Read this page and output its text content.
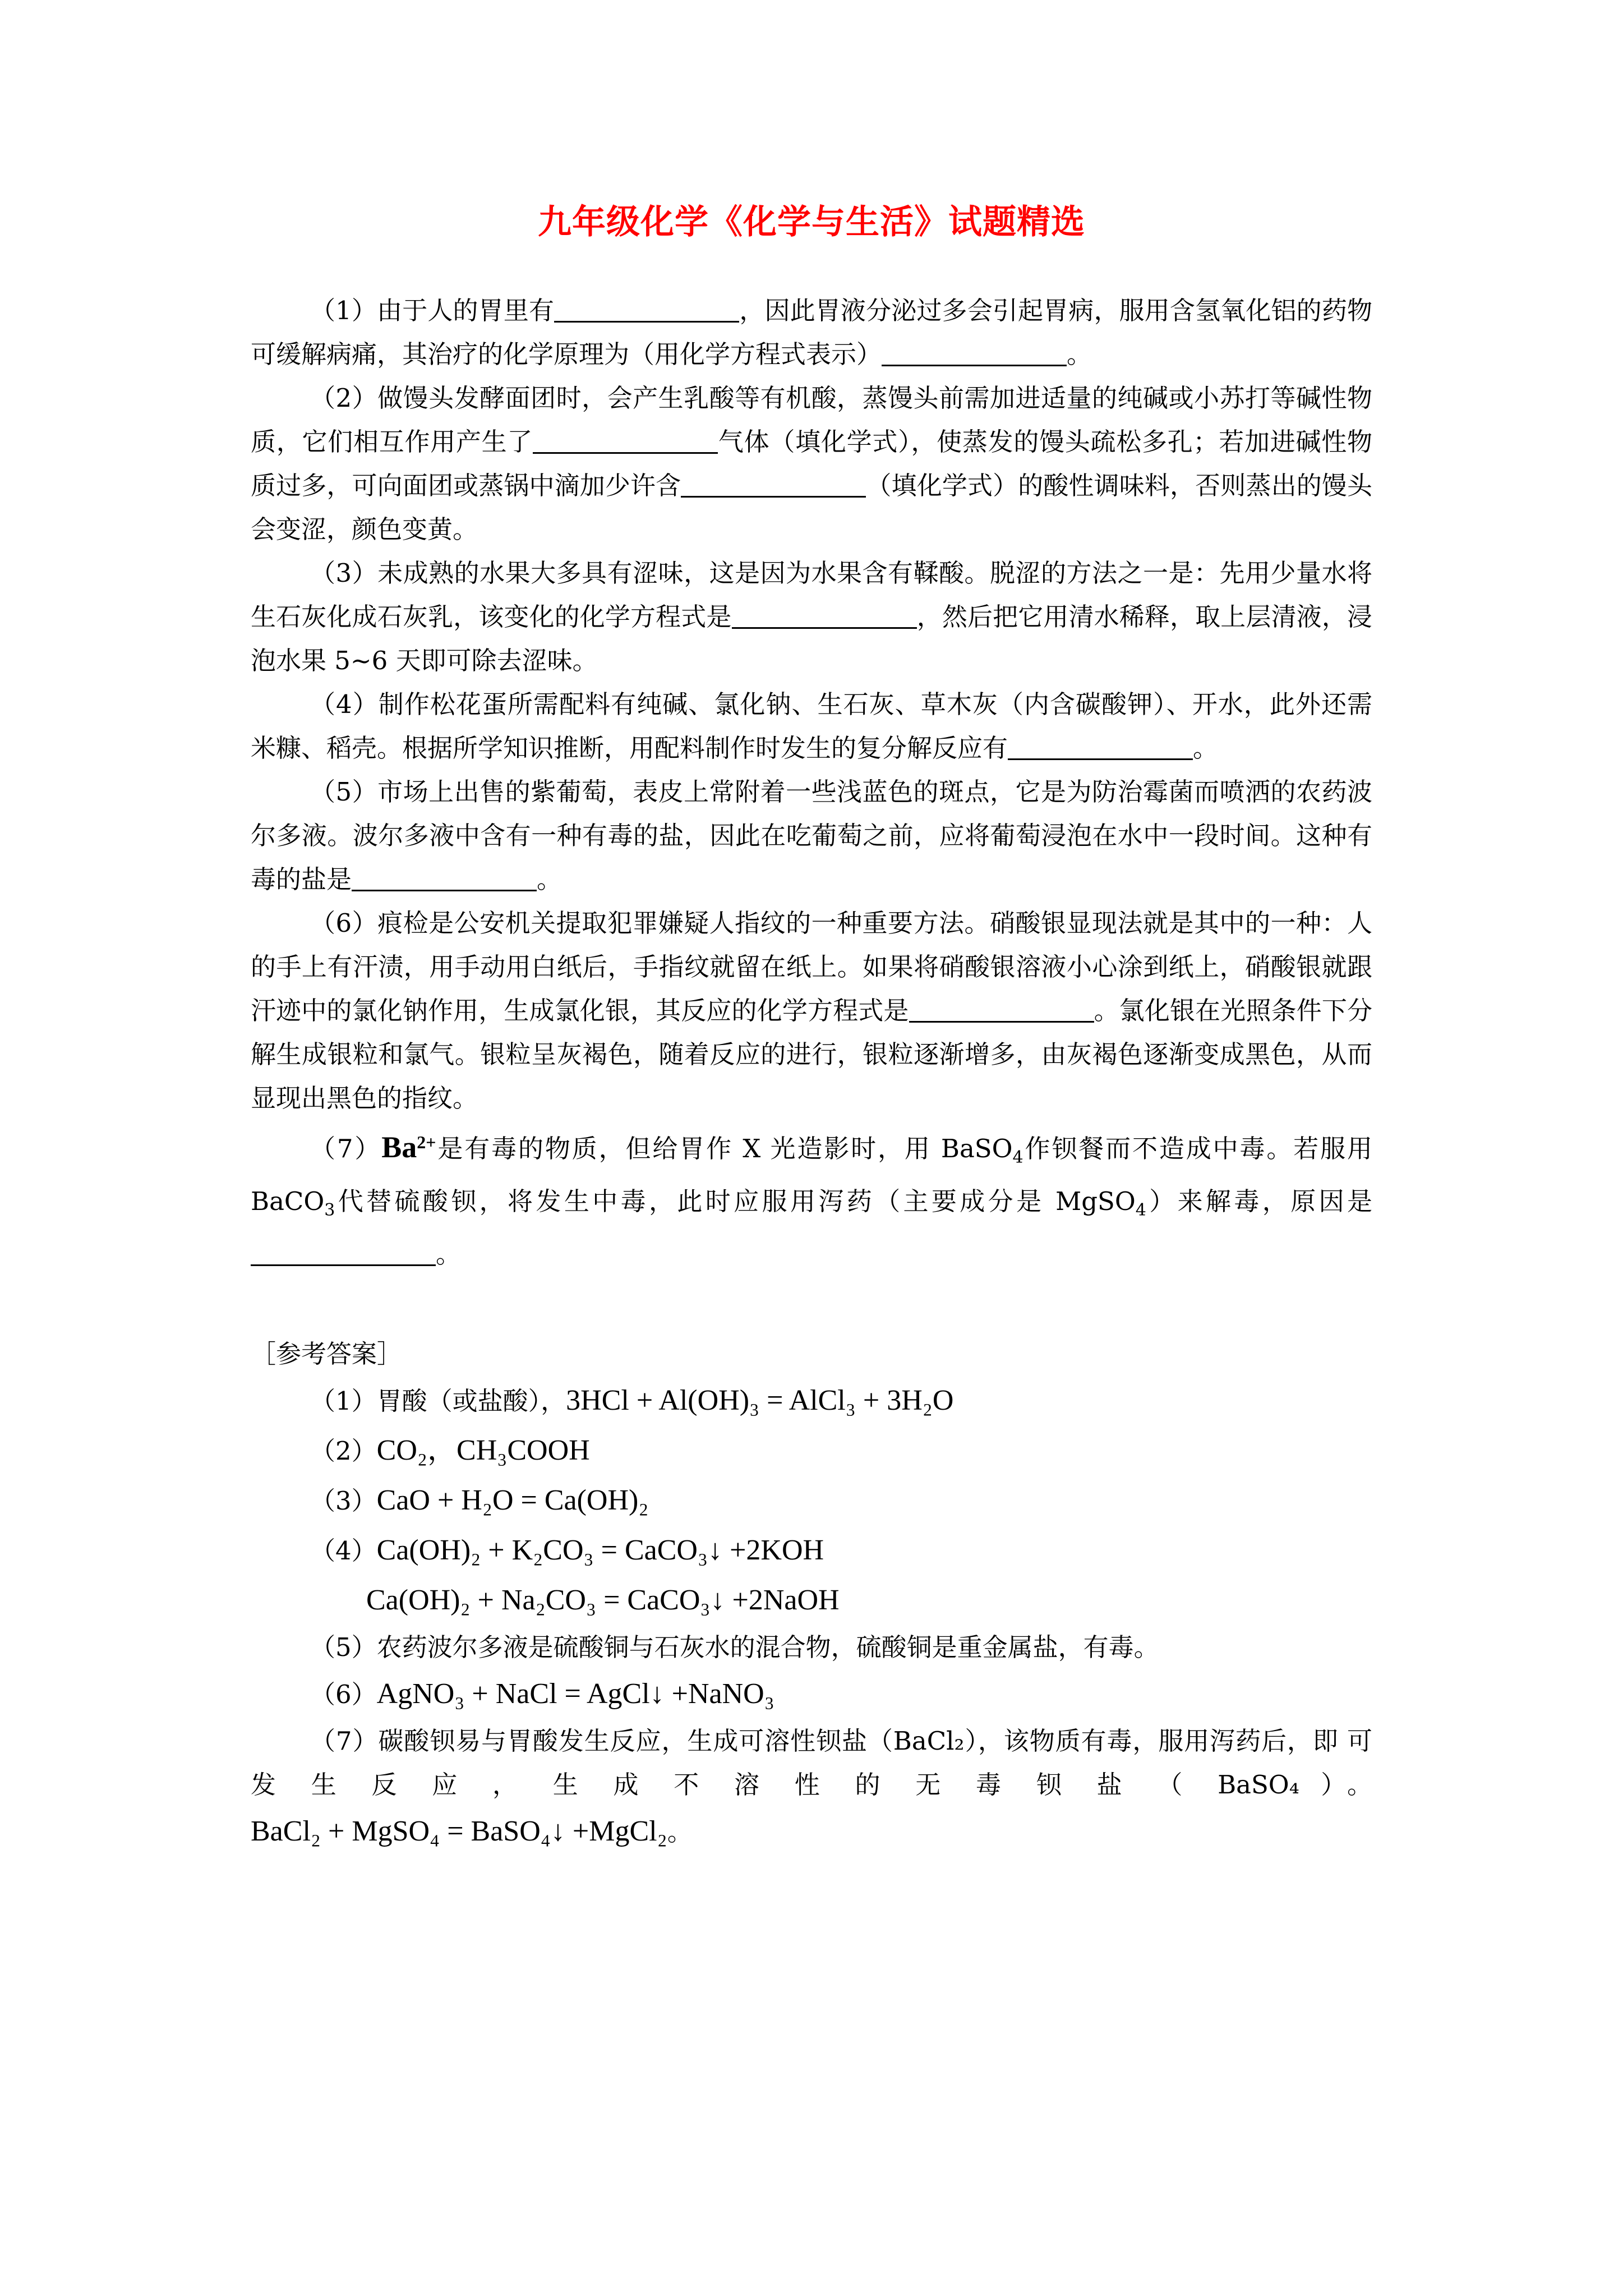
九年级化学《化学与生活》试题精选

（1）由于人的胃里有	，因此胃液分泌过多会引起胃病，服用含氢氧化铝的药物可缓解病痛，其治疗的化学原理为（用化学方程式表示）	。

（2）做馒头发酵面团时，会产生乳酸等有机酸，蒸馒头前需加进适量的纯碱或小苏打等碱性物质，它们相互作用产生了	气体（填化学式），使蒸发的馒头疏松多孔；若加进碱性物质过多，可向面团或蒸锅中滴加少许含	（填化学式）的酸性调味料，否则蒸出的馒头会变涩，颜色变黄。

（3）未成熟的水果大多具有涩味，这是因为水果含有鞣酸。脱涩的方法之一是：先用少量水将生石灰化成石灰乳，该变化的化学方程式是	，然后把它用清水稀释，取上层清液，浸泡水果 5~6 天即可除去涩味。

（4）制作松花蛋所需配料有纯碱、氯化钠、生石灰、草木灰（内含碳酸钾）、开水，此外还需米糠、稻壳。根据所学知识推断，用配料制作时发生的复分解反应有	。

（5）市场上出售的紫葡萄，表皮上常附着一些浅蓝色的斑点，它是为防治霉菌而喷洒的农药波尔多液。波尔多液中含有一种有毒的盐，因此在吃葡萄之前，应将葡萄浸泡在水中一段时间。这种有毒的盐是	。

（6）痕检是公安机关提取犯罪嫌疑人指纹的一种重要方法。硝酸银显现法就是其中的一种：人的手上有汗渍，用手动用白纸后，手指纹就留在纸上。如果将硝酸银溶液小心涂到纸上，硝酸银就跟汗迹中的氯化钠作用，生成氯化银，其反应的化学方程式是	。氯化银在光照条件下分解生成银粒和氯气。银粒呈灰褐色，随着反应的进行，银粒逐渐增多，由灰褐色逐渐变成黑色，从而显现出黑色的指纹。

$(7)Ba^{2+}$是有毒的物质，但给胃作 X 光造影时，用 BaSO$_4$作钡餐而不造成中毒。若服用 BaCO$_3$代替硫酸钡，将发生中毒，此时应服用泻药（主要成分是 MgSO$_4$）来解毒，原因是。

［参考答案］

（1）胃酸（或盐酸），3HCl + Al(OH)₃ = AlCl₃ + 3H₂O

（2）CO₂，CH₃COOH

（3）CaO + H₂O = Ca(OH)₂

（4）Ca(OH)₂ + K₂CO₃ = CaCO₃↓ +2KOH

Ca(OH)₂ + Na₂CO₃ = CaCO₃↓ +2NaOH

（5）农药波尔多液是硫酸铜与石灰水的混合物，硫酸铜是重金属盐，有毒。

（6）AgNO₃ + NaCl = AgCl↓ +NaNO₃

（7）碳酸钡易与胃酸发生反应，生成可溶性钡盐（BaCl₂），该物质有毒，服用泻药后，即 可 发 生 反 应 ， 生 成 不 溶 性 的 无 毒 钡 盐 （ BaSO₄ ）。

BaCl₂ + MgSO₄ = BaSO₄↓ +MgCl₂。
